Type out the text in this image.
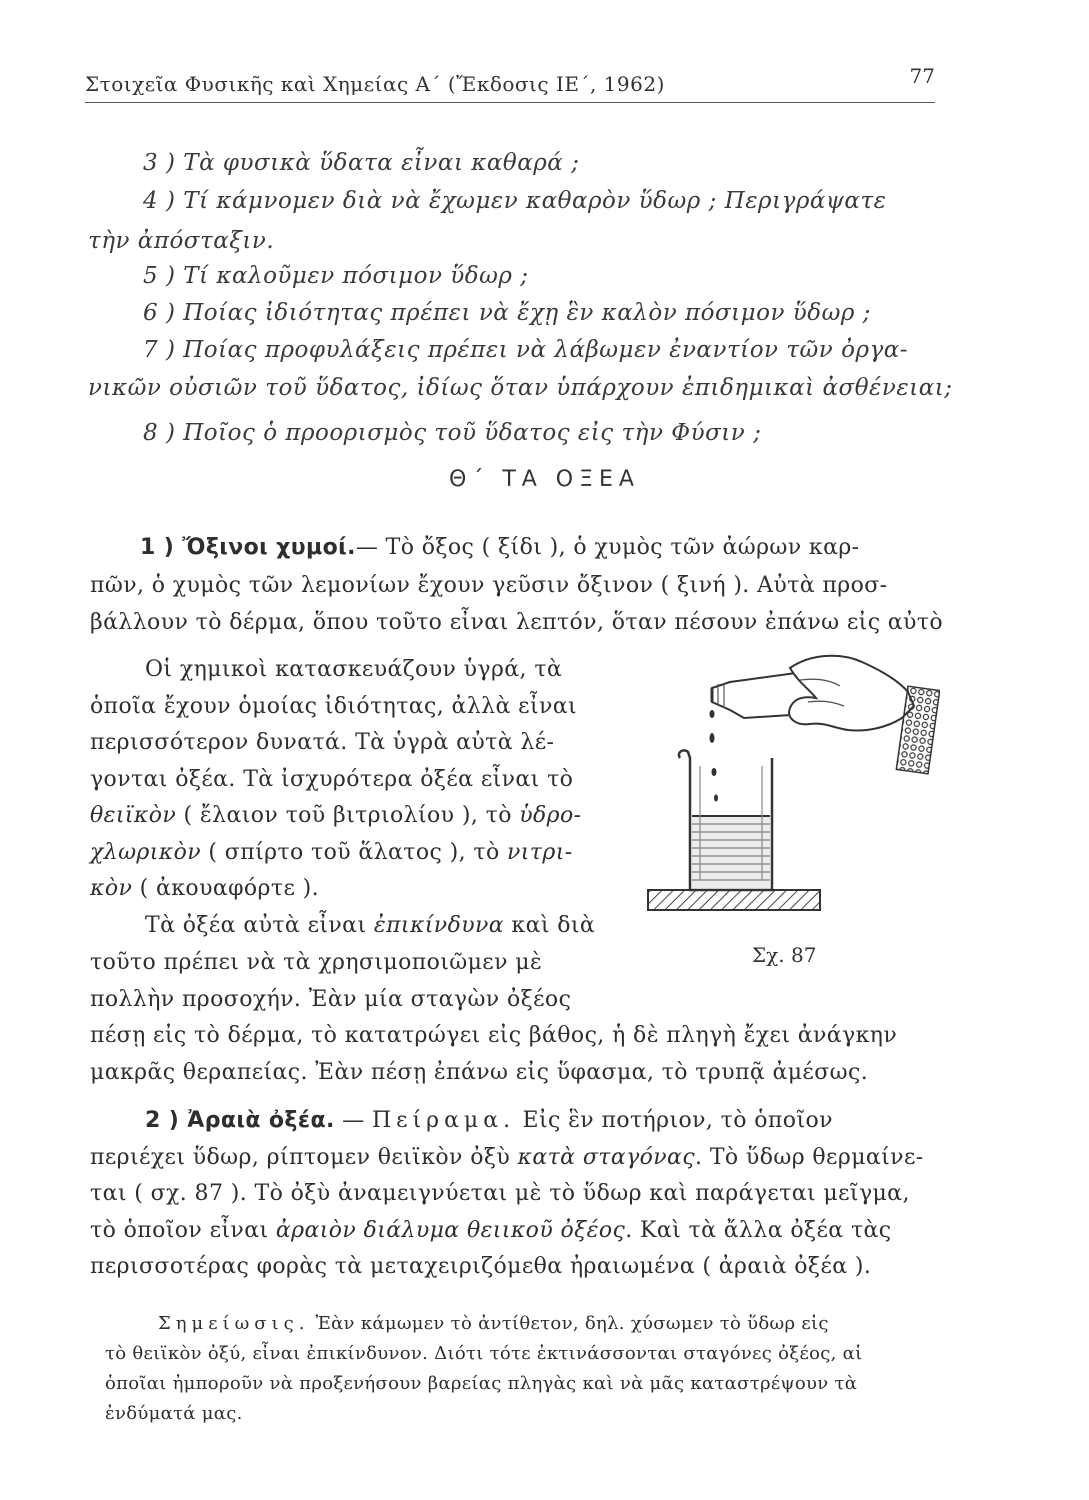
Στοιχεῖα Φυσικῆς καὶ Χημείας Α΄ (Ἔκδοσις ΙΕ΄, 1962)	77
3 ) Τὰ φυσικὰ ὕδατα εἶναι καθαρά ;
4 ) Τί κάμνομεν διὰ νὰ ἔχωμεν καθαρὸν ὕδωρ ; Περιγράψατε
τὴν ἀπόσταξιν.
5 ) Τί καλοῦμεν πόσιμον ὕδωρ ;
6 ) Ποίας ἰδιότητας πρέπει νὰ ἔχῃ ἓν καλὸν πόσιμον ὕδωρ ;
7 ) Ποίας προφυλάξεις πρέπει νὰ λάβωμεν ἐναντίον τῶν ὀργα-
νικῶν οὐσιῶν τοῦ ὕδατος, ἰδίως ὅταν ὑπάρχουν ἐπιδημικαὶ ἀσθένειαι;
8 ) Ποῖος ὁ προορισμὸς τοῦ ὕδατος εἰς τὴν Φύσιν ;
Θ΄ ΤΑ ΟΞΕΑ
1 ) Ὄξινοι χυμοί.— Τὸ ὄξος ( ξίδι ), ὁ χυμὸς τῶν ἀώρων καρ-
πῶν, ὁ χυμὸς τῶν λεμονίων ἔχουν γεῦσιν ὄξινον ( ξινή ). Αὐτὰ προσ-
βάλλουν τὸ δέρμα, ὅπου τοῦτο εἶναι λεπτόν, ὅταν πέσουν ἐπάνω εἰς αὐτὸ
Οἱ χημικοὶ κατασκευάζουν ὑγρά, τὰ
ὁποῖα ἔχουν ὁμοίας ἰδιότητας, ἀλλὰ εἶναι
περισσότερον δυνατά. Τὰ ὑγρὰ αὐτὰ λέ-
γονται ὀξέα. Τὰ ἰσχυρότερα ὀξέα εἶναι τὸ
θειϊκὸν ( ἔλαιον τοῦ βιτριολίου ), τὸ ὑδρο-
χλωρικὸν ( σπίρτο τοῦ ἅλατος ), τὸ νιτρι-
κὸν ( ἀκουαφόρτε ).
Τὰ ὀξέα αὐτὰ εἶναι ἐπικίνδυνα καὶ διὰ
τοῦτο πρέπει νὰ τὰ χρησιμοποιῶμεν μὲ
πολλὴν προσοχήν. Ἐὰν μία σταγὼν ὀξέος
πέσῃ εἰς τὸ δέρμα, τὸ κατατρώγει εἰς βάθος, ἡ δὲ πληγὴ ἔχει ἀνάγκην
μακρᾶς θεραπείας. Ἐὰν πέσῃ ἐπάνω εἰς ὕφασμα, τὸ τρυπᾷ ἀμέσως.
Σχ. 87
2 ) Ἀραιὰ ὀξέα. — Πείραμα. Εἰς ἓν ποτήριον, τὸ ὁποῖον
περιέχει ὕδωρ, ρίπτομεν θειϊκὸν ὀξὺ κατὰ σταγόνας. Τὸ ὕδωρ θερμαίνε-
ται ( σχ. 87 ). Τὸ ὀξὺ ἀναμειγνύεται μὲ τὸ ὕδωρ καὶ παράγεται μεῖγμα,
τὸ ὁποῖον εἶναι ἀραιὸν διάλυμα θειικοῦ ὀξέος. Καὶ τὰ ἄλλα ὀξέα τὰς
περισσοτέρας φορὰς τὰ μεταχειριζόμεθα ἠραιωμένα ( ἀραιὰ ὀξέα ).
Σημείωσις. Ἐὰν κάμωμεν τὸ ἀντίθετον, δηλ. χύσωμεν τὸ ὕδωρ εἰς
τὸ θειϊκὸν ὀξύ, εἶναι ἐπικίνδυνον. Διότι τότε ἐκτινάσσονται σταγόνες ὀξέος, αἱ
ὁποῖαι ἠμποροῦν νὰ προξενήσουν βαρείας πληγὰς καὶ νὰ μᾶς καταστρέψουν τὰ
ἐνδύματά μας.
